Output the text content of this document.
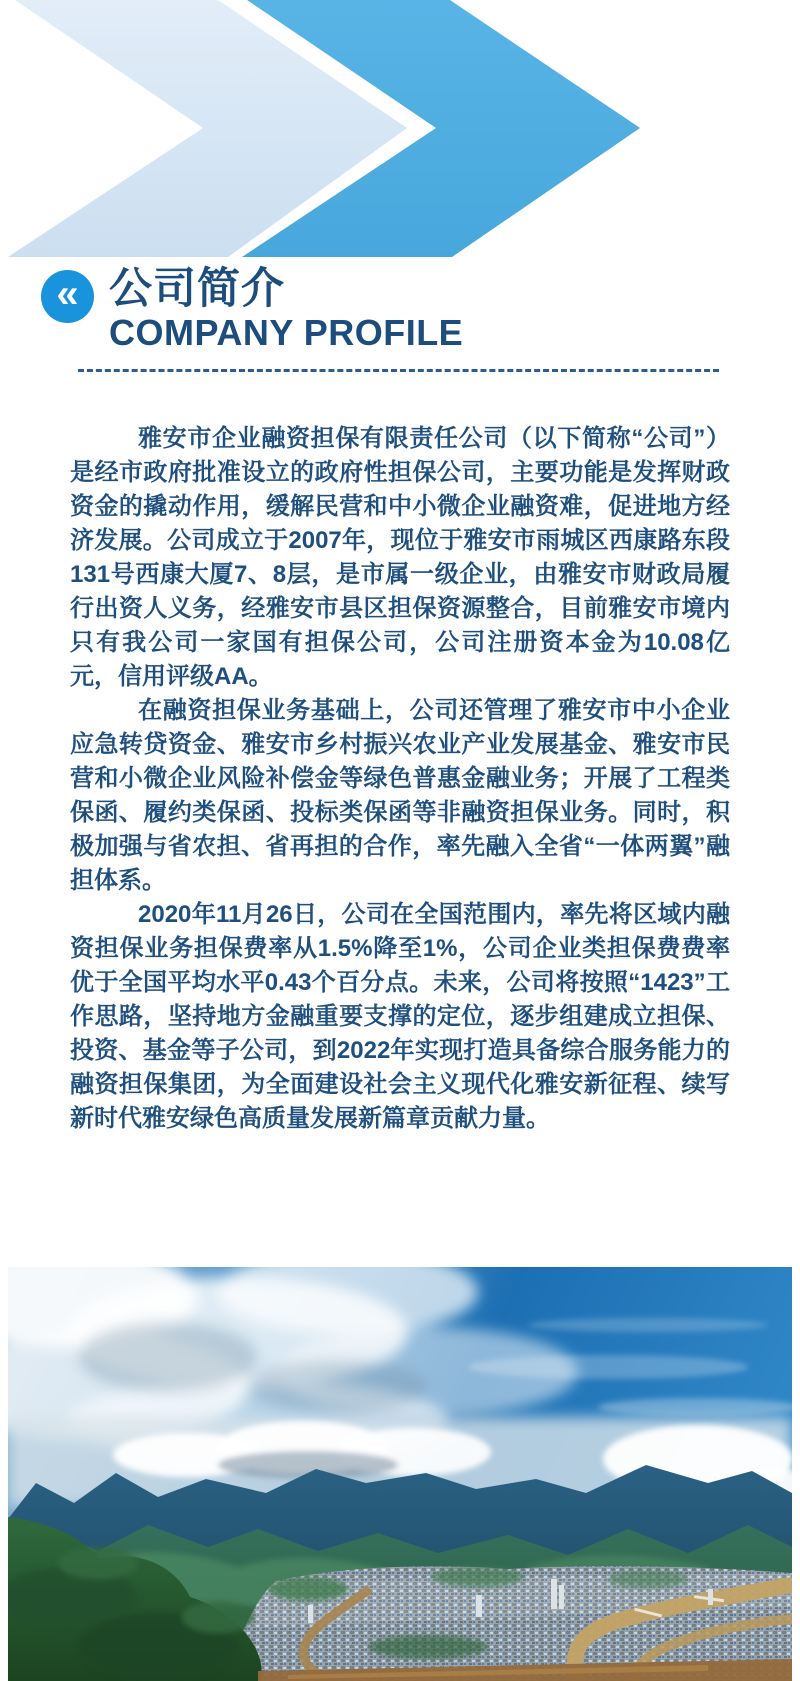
« 公司简介
COMPANY PROFILE

雅安市企业融资担保有限责任公司（以下简称“公司”）是经市政府批准设立的政府性担保公司，主要功能是发挥财政资金的撬动作用，缓解民营和中小微企业融资难，促进地方经济发展。公司成立于2007年，现位于雅安市雨城区西康路东段131号西康大厦7、8层，是市属一级企业，由雅安市财政局履行出资人义务，经雅安市县区担保资源整合，目前雅安市境内只有我公司一家国有担保公司，公司注册资本金为10.08亿元，信用评级AA。

在融资担保业务基础上，公司还管理了雅安市中小企业应急转贷资金、雅安市乡村振兴农业产业发展基金、雅安市民营和小微企业风险补偿金等绿色普惠金融业务；开展了工程类保函、履约类保函、投标类保函等非融资担保业务。同时，积极加强与省农担、省再担的合作，率先融入全省“一体两翼”融担体系。

2020年11月26日，公司在全国范围内，率先将区域内融资担保业务担保费率从1.5%降至1%，公司企业类担保费费率优于全国平均水平0.43个百分点。未来，公司将按照“1423”工作思路，坚持地方金融重要支撑的定位，逐步组建成立担保、投资、基金等子公司，到2022年实现打造具备综合服务能力的融资担保集团，为全面建设社会主义现代化雅安新征程、续写新时代雅安绿色高质量发展新篇章贡献力量。
